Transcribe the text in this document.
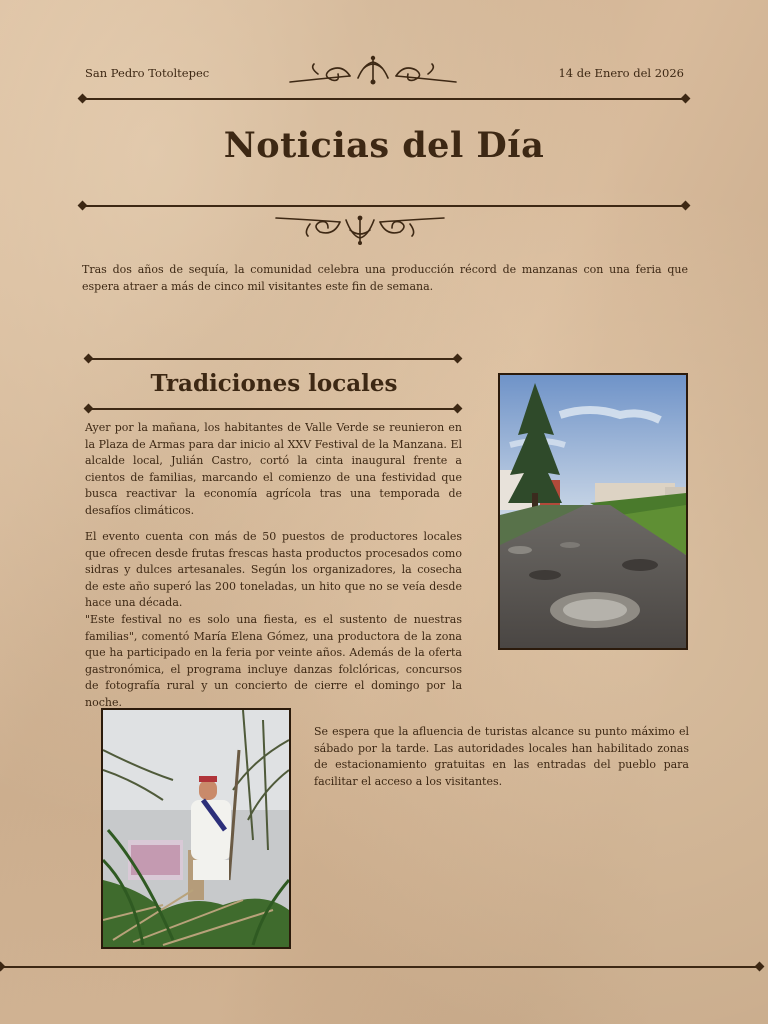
San Pedro Totoltepec	14 de Enero del 2026
Noticias del Día
Tras dos años de sequía, la comunidad celebra una producción récord de manzanas con una feria que espera atraer a más de cinco mil visitantes este fin de semana.
Tradiciones locales
Ayer por la mañana, los habitantes de Valle Verde se reunieron en la Plaza de Armas para dar inicio al XXV Festival de la Manzana. El alcalde local, Julián Castro, cortó la cinta inaugural frente a cientos de familias, marcando el comienzo de una festividad que busca reactivar la economía agrícola tras una temporada de desafíos climáticos.
El evento cuenta con más de 50 puestos de productores locales que ofrecen desde frutas frescas hasta productos procesados como sidras y dulces artesanales. Según los organizadores, la cosecha de este año superó las 200 toneladas, un hito que no se veía desde hace una década.
"Este festival no es solo una fiesta, es el sustento de nuestras familias", comentó María Elena Gómez, una productora de la zona que ha participado en la feria por veinte años. Además de la oferta gastronómica, el programa incluye danzas folclóricas, concursos de fotografía rural y un concierto de cierre el domingo por la noche.
Se espera que la afluencia de turistas alcance su punto máximo el sábado por la tarde. Las autoridades locales han habilitado zonas de estacionamiento gratuitas en las entradas del pueblo para facilitar el acceso a los visitantes.
